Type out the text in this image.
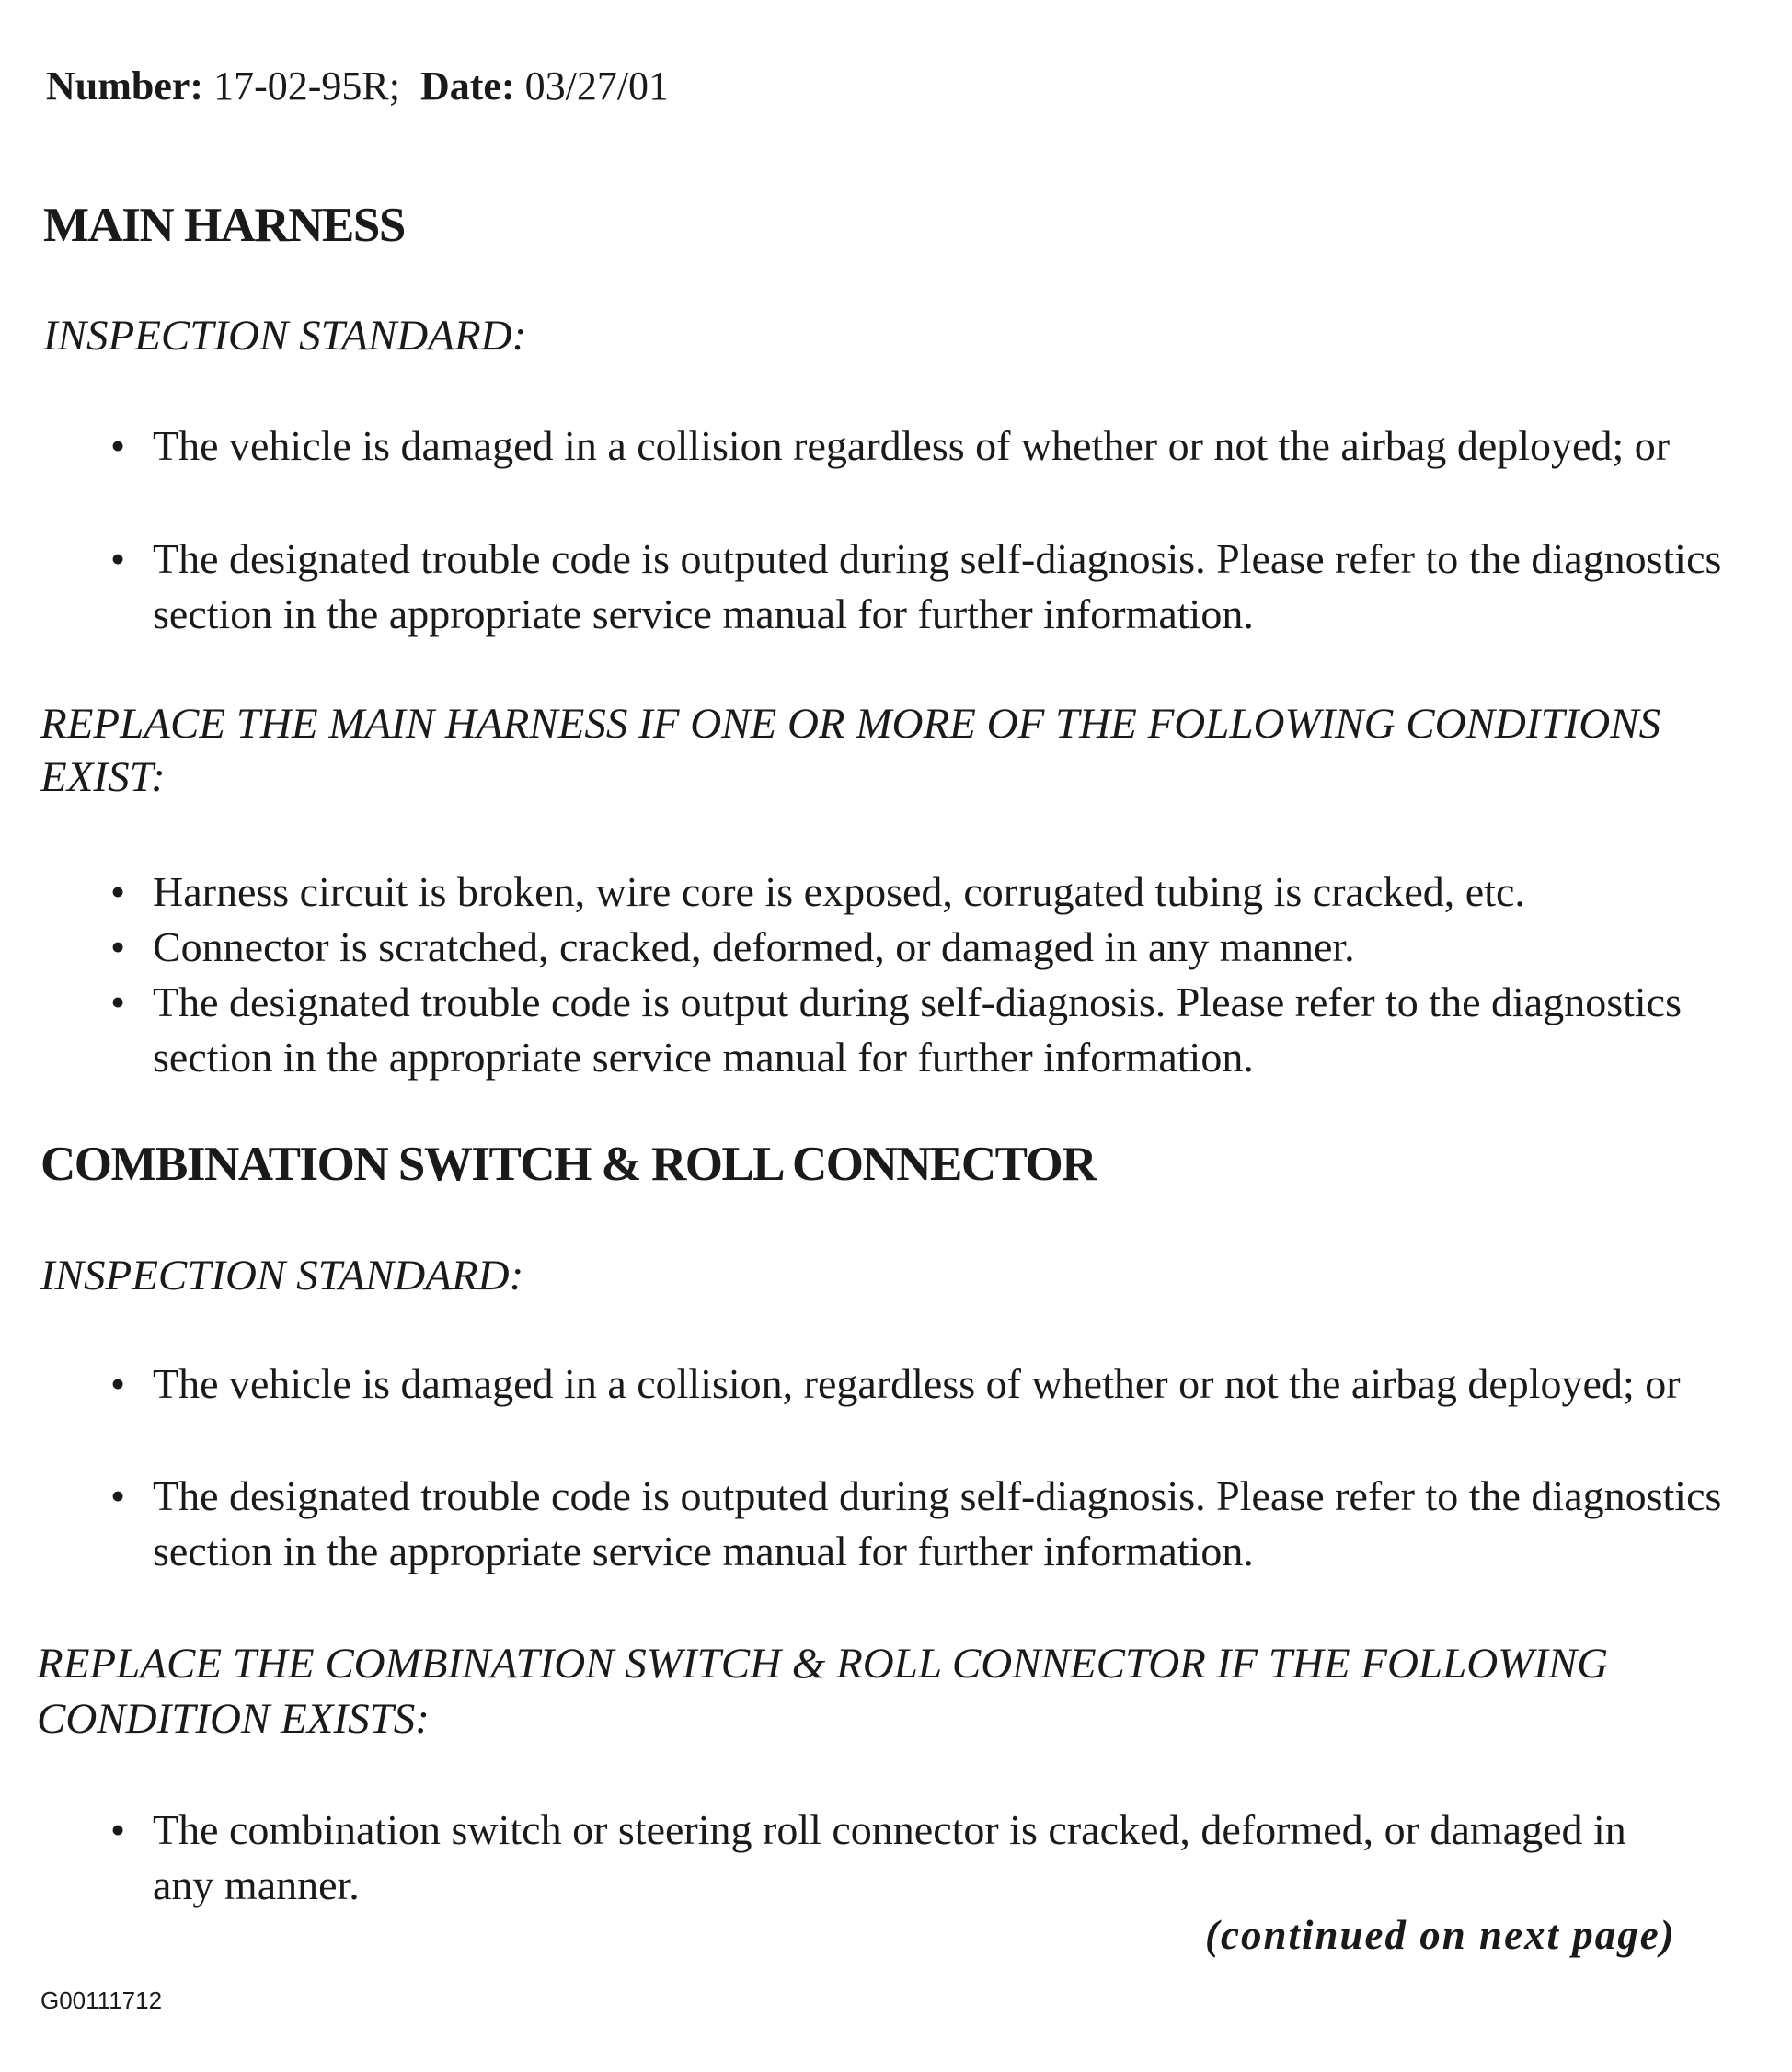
Number: 17-02-95R; Date: 03/27/01
MAIN HARNESS
INSPECTION STANDARD:
• The vehicle is damaged in a collision regardless of whether or not the airbag deployed; or
• The designated trouble code is outputed during self-diagnosis. Please refer to the diagnostics
section in the appropriate service manual for further information.
REPLACE THE MAIN HARNESS IF ONE OR MORE OF THE FOLLOWING CONDITIONS
EXIST:
• Harness circuit is broken, wire core is exposed, corrugated tubing is cracked, etc.
• Connector is scratched, cracked, deformed, or damaged in any manner.
• The designated trouble code is output during self-diagnosis. Please refer to the diagnostics
section in the appropriate service manual for further information.
COMBINATION SWITCH & ROLL CONNECTOR
INSPECTION STANDARD:
• The vehicle is damaged in a collision, regardless of whether or not the airbag deployed; or
• The designated trouble code is outputed during self-diagnosis. Please refer to the diagnostics
section in the appropriate service manual for further information.
REPLACE THE COMBINATION SWITCH & ROLL CONNECTOR IF THE FOLLOWING
CONDITION EXISTS:
• The combination switch or steering roll connector is cracked, deformed, or damaged in
any manner.
(continued on next page)
G00111712
